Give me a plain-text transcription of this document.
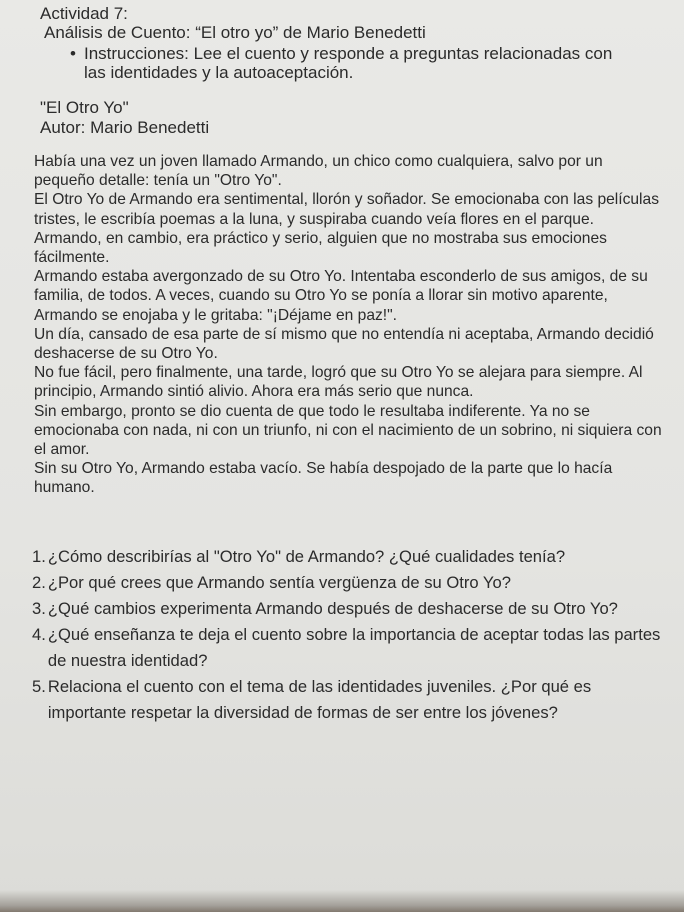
Actividad 7:

Análisis de Cuento: “El otro yo” de Mario Benedetti

• Instrucciones: Lee el cuento y responde a preguntas relacionadas con las identidades y la autoaceptación.

"El Otro Yo"

Autor: Mario Benedetti

Había una vez un joven llamado Armando, un chico como cualquiera, salvo por un pequeño detalle: tenía un "Otro Yo".

El Otro Yo de Armando era sentimental, llorón y soñador. Se emocionaba con las películas tristes, le escribía poemas a la luna, y suspiraba cuando veía flores en el parque. Armando, en cambio, era práctico y serio, alguien que no mostraba sus emociones fácilmente.

Armando estaba avergonzado de su Otro Yo. Intentaba esconderlo de sus amigos, de su familia, de todos. A veces, cuando su Otro Yo se ponía a llorar sin motivo aparente, Armando se enojaba y le gritaba: "¡Déjame en paz!".

Un día, cansado de esa parte de sí mismo que no entendía ni aceptaba, Armando decidió deshacerse de su Otro Yo.

No fue fácil, pero finalmente, una tarde, logró que su Otro Yo se alejara para siempre. Al principio, Armando sintió alivio. Ahora era más serio que nunca.

Sin embargo, pronto se dio cuenta de que todo le resultaba indiferente. Ya no se emocionaba con nada, ni con un triunfo, ni con el nacimiento de un sobrino, ni siquiera con el amor.

Sin su Otro Yo, Armando estaba vacío. Se había despojado de la parte que lo hacía humano.

1. ¿Cómo describirías al "Otro Yo" de Armando? ¿Qué cualidades tenía?
2. ¿Por qué crees que Armando sentía vergüenza de su Otro Yo?
3. ¿Qué cambios experimenta Armando después de deshacerse de su Otro Yo?
4. ¿Qué enseñanza te deja el cuento sobre la importancia de aceptar todas las partes de nuestra identidad?
5. Relaciona el cuento con el tema de las identidades juveniles. ¿Por qué es importante respetar la diversidad de formas de ser entre los jóvenes?
